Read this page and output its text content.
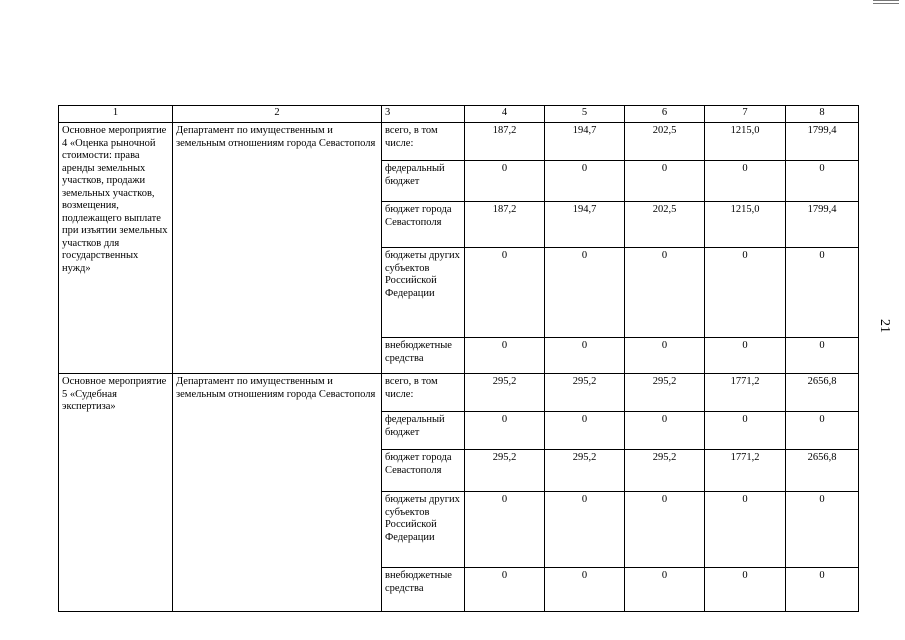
21
1	2	3	4	5	6	7	8
Основное мероприятие 4 «Оценка рыночной стоимости: права аренды земельных участков, продажи земельных участков, возмещения, подлежащего выплате при изъятии земельных участков для государственных нужд»	Департамент по имущественным и земельным отношениям города Севастополя	всего, в том числе:	187,2	194,7	202,5	1215,0	1799,4
		федеральный бюджет	0	0	0	0	0
		бюджет города Севастополя	187,2	194,7	202,5	1215,0	1799,4
		бюджеты других субъектов Российской Федерации	0	0	0	0	0
		внебюджетные средства	0	0	0	0	0
Основное мероприятие 5 «Судебная экспертиза»	Департамент по имущественным и земельным отношениям города Севастополя	всего, в том числе:	295,2	295,2	295,2	1771,2	2656,8
		федеральный бюджет	0	0	0	0	0
		бюджет города Севастополя	295,2	295,2	295,2	1771,2	2656,8
		бюджеты других субъектов Российской Федерации	0	0	0	0	0
		внебюджетные средства	0	0	0	0	0
